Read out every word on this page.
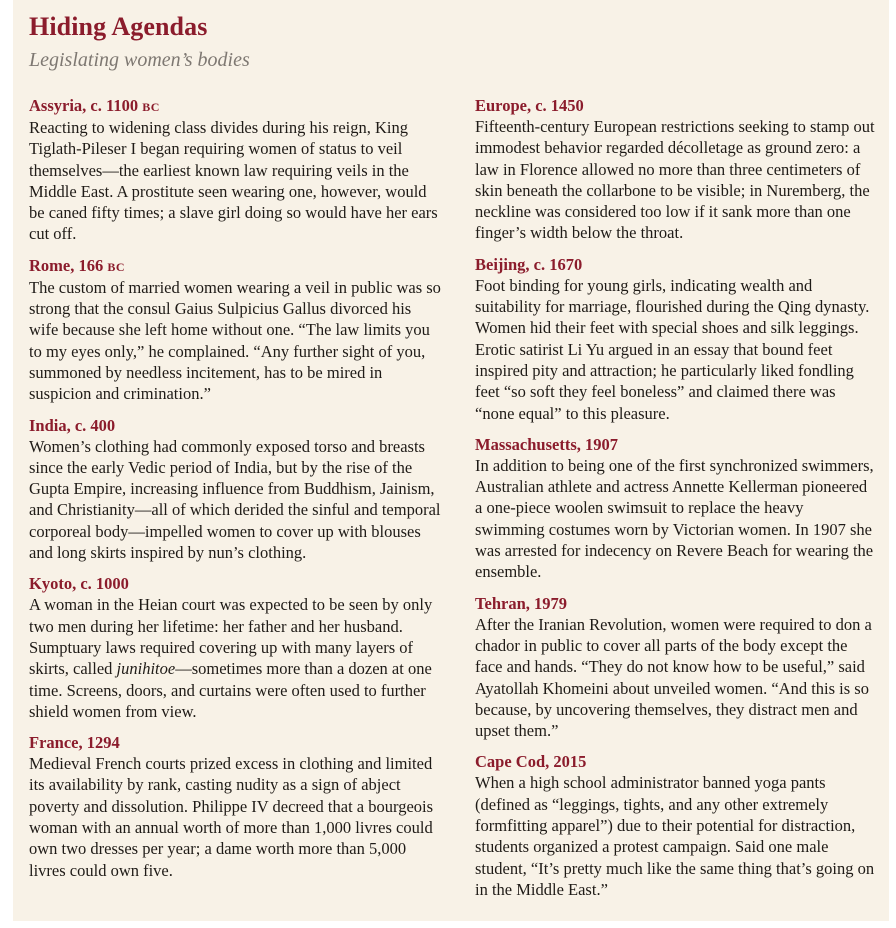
Hiding Agendas
Legislating women’s bodies

Assyria, c. 1100 BC

Reacting to widening class divides during his reign, King Tiglath-Pileser I began requiring women of status to veil themselves—the earliest known law requiring veils in the Middle East. A prostitute seen wearing one, however, would be caned fifty times; a slave girl doing so would have her ears cut off.

Rome, 166 BC

The custom of married women wearing a veil in public was so strong that the consul Gaius Sulpicius Gallus divorced his wife because she left home without one. “The law limits you to my eyes only,” he complained. “Any further sight of you, summoned by needless incitement, has to be mired in suspicion and crimination.”

India, c. 400

Women’s clothing had commonly exposed torso and breasts since the early Vedic period of India, but by the rise of the Gupta Empire, increasing influence from Buddhism, Jainism, and Christianity—all of which derided the sinful and temporal corporeal body—impelled women to cover up with blouses and long skirts inspired by nun’s clothing.

Kyoto, c. 1000

A woman in the Heian court was expected to be seen by only two men during her lifetime: her father and her husband. Sumptuary laws required covering up with many layers of skirts, called junihitoe—sometimes more than a dozen at one time. Screens, doors, and curtains were often used to further shield women from view.

France, 1294

Medieval French courts prized excess in clothing and limited its availability by rank, casting nudity as a sign of abject poverty and dissolution. Philippe IV decreed that a bourgeois woman with an annual worth of more than 1,000 livres could own two dresses per year; a dame worth more than 5,000 livres could own five.

Europe, c. 1450

Fifteenth-century European restrictions seeking to stamp out immodest behavior regarded décolletage as ground zero: a law in Florence allowed no more than three centimeters of skin beneath the collarbone to be visible; in Nuremberg, the neckline was considered too low if it sank more than one finger’s width below the throat.

Beijing, c. 1670

Foot binding for young girls, indicating wealth and suitability for marriage, flourished during the Qing dynasty. Women hid their feet with special shoes and silk leggings. Erotic satirist Li Yu argued in an essay that bound feet inspired pity and attraction; he particularly liked fondling feet “so soft they feel boneless” and claimed there was “none equal” to this pleasure.

Massachusetts, 1907

In addition to being one of the first synchronized swimmers, Australian athlete and actress Annette Kellerman pioneered a one-piece woolen swimsuit to replace the heavy swimming costumes worn by Victorian women. In 1907 she was arrested for indecency on Revere Beach for wearing the ensemble.

Tehran, 1979

After the Iranian Revolution, women were required to don a chador in public to cover all parts of the body except the face and hands. “They do not know how to be useful,” said Ayatollah Khomeini about unveiled women. “And this is so because, by uncovering themselves, they distract men and upset them.”

Cape Cod, 2015

When a high school administrator banned yoga pants (defined as “leggings, tights, and any other extremely formfitting apparel”) due to their potential for distraction, students organized a protest campaign. Said one male student, “It’s pretty much like the same thing that’s going on in the Middle East.”
